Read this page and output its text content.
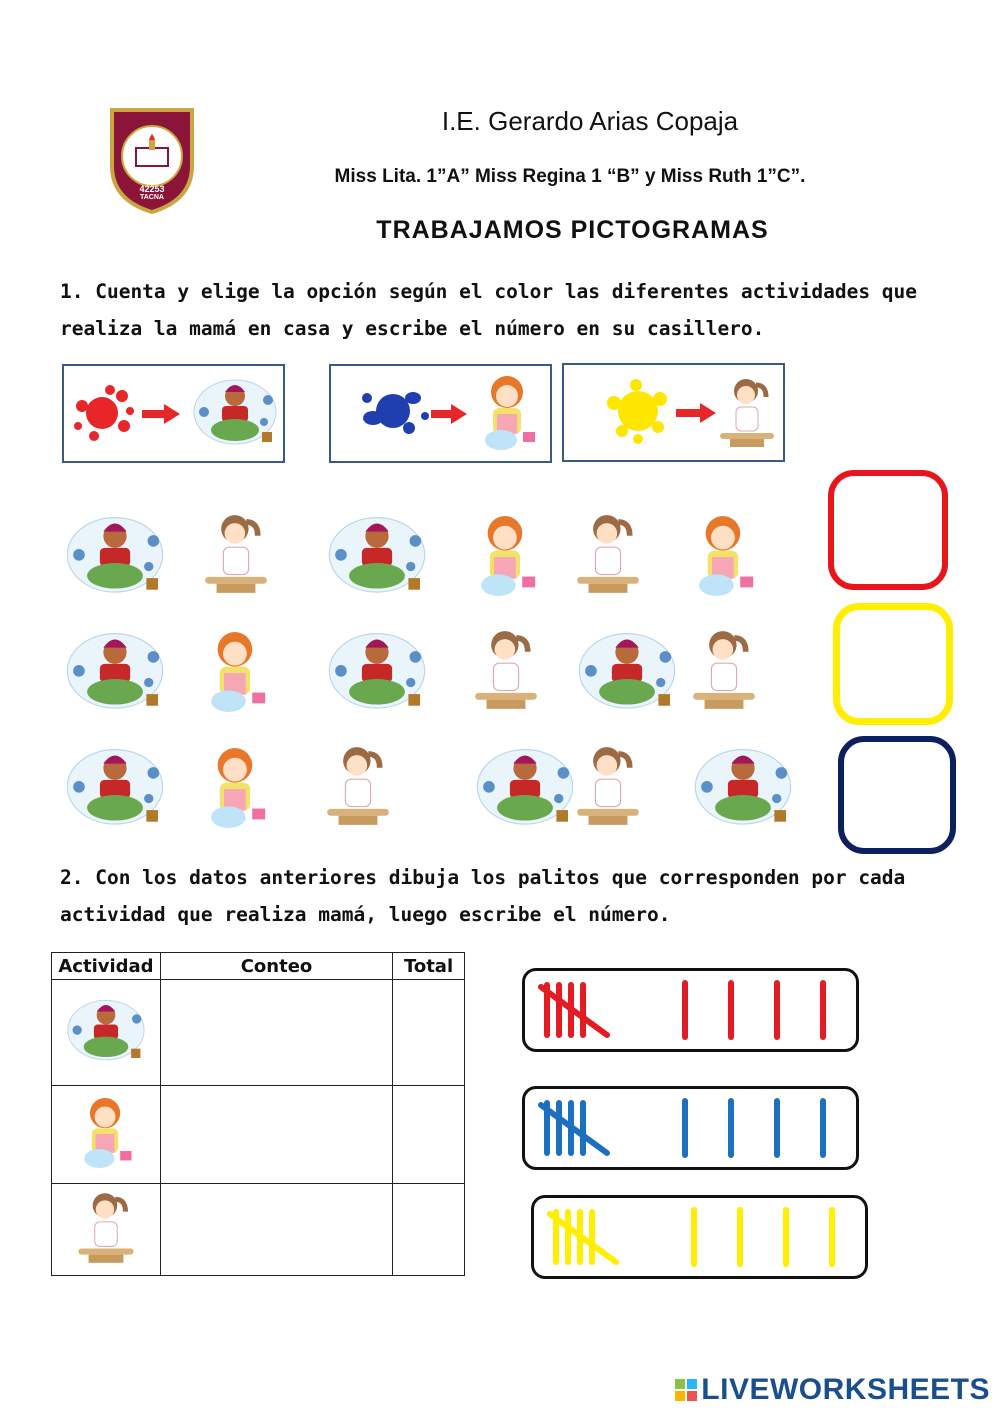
42253
TACNA
I.E. Gerardo Arias Copaja
Miss Lita. 1”A” Miss Regina 1 “B” y Miss Ruth 1”C”.
TRABAJAMOS PICTOGRAMAS
1. Cuenta y elige la opción según el color las diferentes actividades que
realiza la mamá en casa y escribe el número en su casillero.
2. Con los datos anteriores dibuja los palitos que corresponden por cada
actividad que realiza mamá, luego escribe el número.
Actividad	Conteo	Total

LIVEWORKSHEETS
